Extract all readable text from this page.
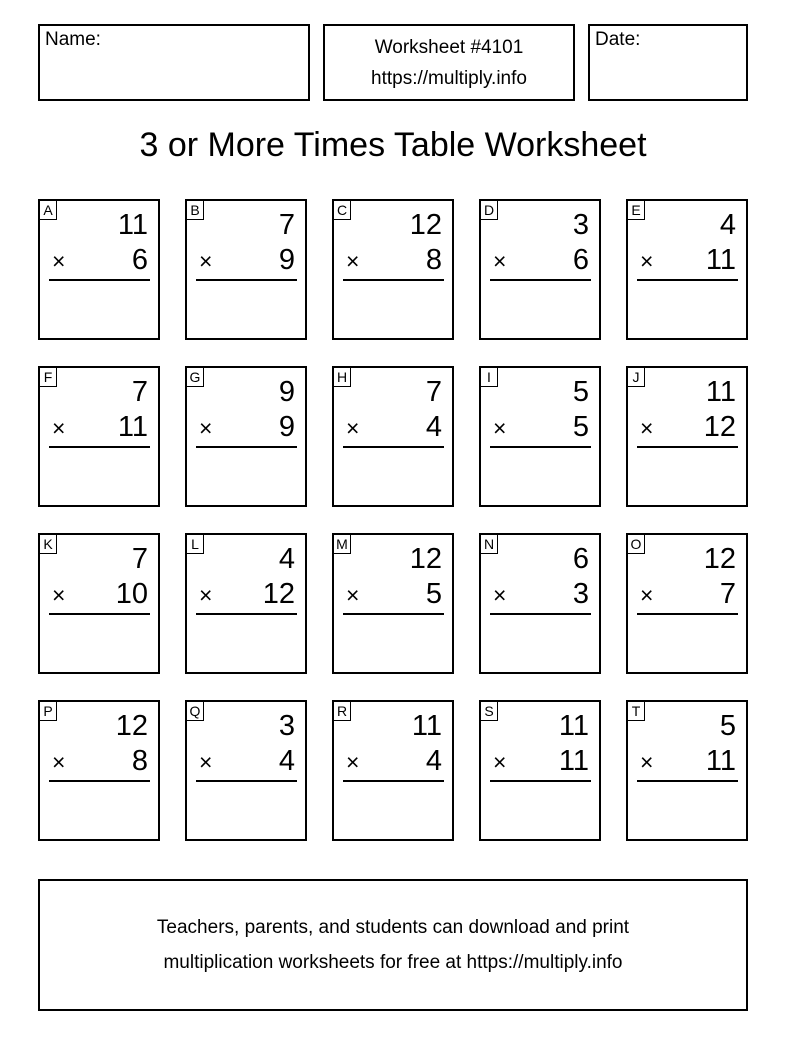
Name:	Worksheet #4101
https://multiply.info
Date:
3 or More Times Table Worksheet
A 11
× 6
B	7
× 9
C 12
× 8
D	3
× 6
E	4
× 11
F	7
× 11
G	9
× 9
H	7
× 4
I	5
× 5
J 11
× 12
K	7
× 10
L	4
× 12
M 12
× 5
N	6
× 3
O 12
× 7
P 12
× 8
Q	3
× 4
R 11
× 4
S 11
× 11
T	5
× 11
Teachers, parents, and students can download and print
multiplication worksheets for free at https://multiply.info
